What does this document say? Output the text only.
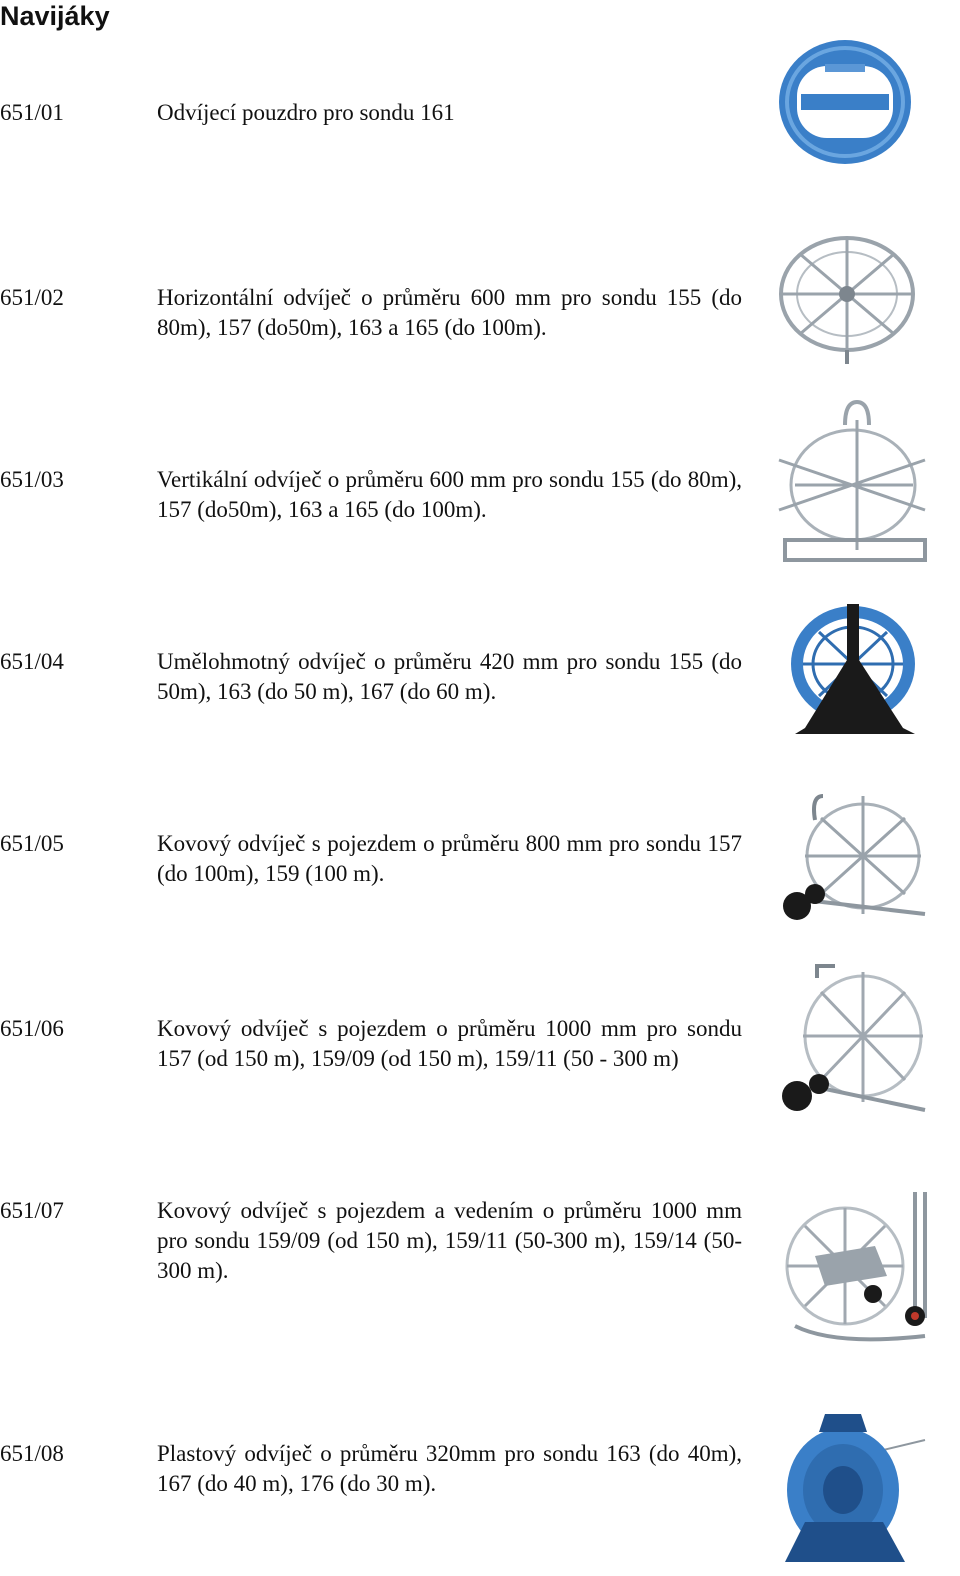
Navijáky
651/01	Odvíjecí pouzdro pro sondu 161
651/02	Horizontální odvíječ o průměru 600 mm pro sondu 155 (do 80m), 157 (do50m), 163 a 165 (do 100m).
651/03	Vertikální odvíječ o průměru 600 mm pro sondu 155 (do 80m), 157 (do50m), 163 a 165 (do 100m).
651/04	Umělohmotný odvíječ o průměru 420 mm pro sondu 155 (do 50m), 163 (do 50 m), 167 (do 60 m).
651/05	Kovový odvíječ s pojezdem o průměru 800 mm pro sondu 157 (do 100m), 159 (100 m).
651/06	Kovový odvíječ s pojezdem o průměru 1000 mm pro sondu 157 (od 150 m), 159/09 (od 150 m), 159/11 (50 - 300 m)
651/07	Kovový odvíječ s pojezdem a vedením o průměru 1000 mm pro sondu 159/09 (od 150 m), 159/11 (50-300 m), 159/14 (50-300 m).
651/08	Plastový odvíječ o průměru 320mm pro sondu 163 (do 40m), 167 (do 40 m), 176 (do 30 m).
